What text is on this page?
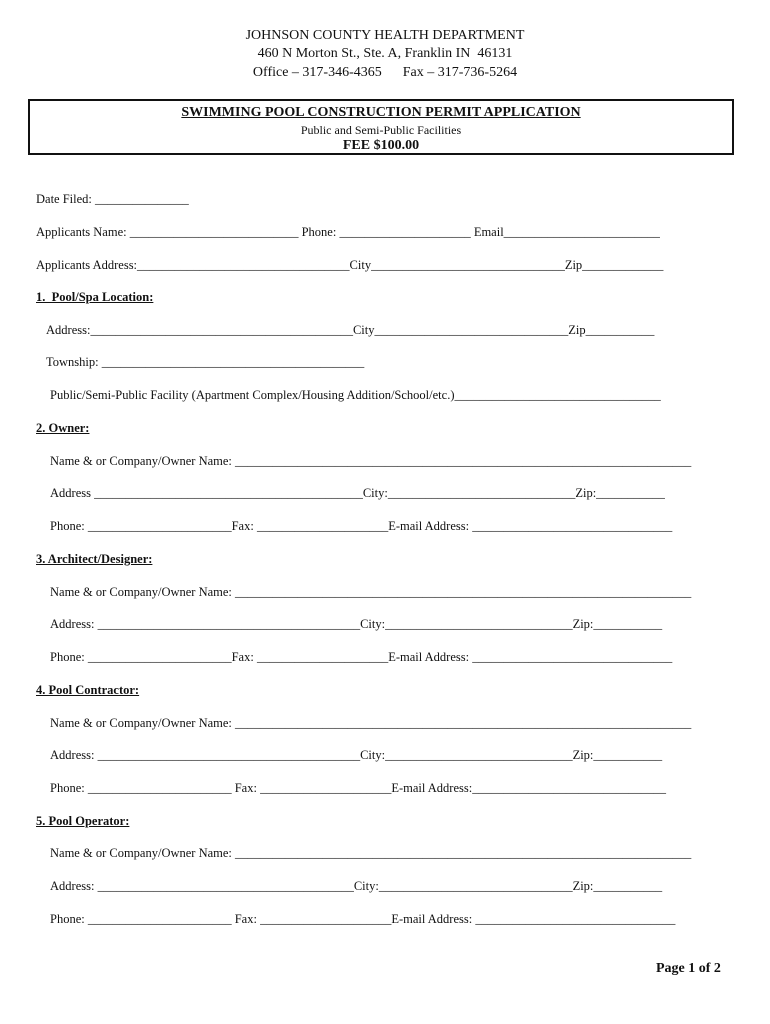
JOHNSON COUNTY HEALTH DEPARTMENT
460 N Morton St., Ste. A, Franklin IN  46131
Office – 317-346-4365      Fax – 317-736-5264
SWIMMING POOL CONSTRUCTION PERMIT APPLICATION
Public and Semi-Public Facilities
FEE $100.00
Date Filed: _______________
Applicants Name: ___________________________ Phone: _____________________ Email_________________________
Applicants Address:__________________________________City_______________________________Zip_____________
1.  Pool/Spa Location:
Address:__________________________________________City_______________________________Zip___________
Township: __________________________________________
Public/Semi-Public Facility (Apartment Complex/Housing Addition/School/etc.)_________________________________
2. Owner:
Name & or Company/Owner Name: _________________________________________________________________________
Address ___________________________________________City:______________________________Zip:___________
Phone: _______________________Fax: _____________________E-mail Address: ________________________________
3. Architect/Designer:
Name & or Company/Owner Name: _________________________________________________________________________
Address: __________________________________________City:______________________________Zip:___________
Phone: _______________________Fax: _____________________E-mail Address: ________________________________
4. Pool Contractor:
Name & or Company/Owner Name: _________________________________________________________________________
Address: __________________________________________City:______________________________Zip:___________
Phone: _______________________ Fax: _____________________E-mail Address:_______________________________
5. Pool Operator:
Name & or Company/Owner Name: _________________________________________________________________________
Address: _________________________________________City:_______________________________Zip:___________
Phone: _______________________ Fax: _____________________E-mail Address: ________________________________
Page 1 of 2
